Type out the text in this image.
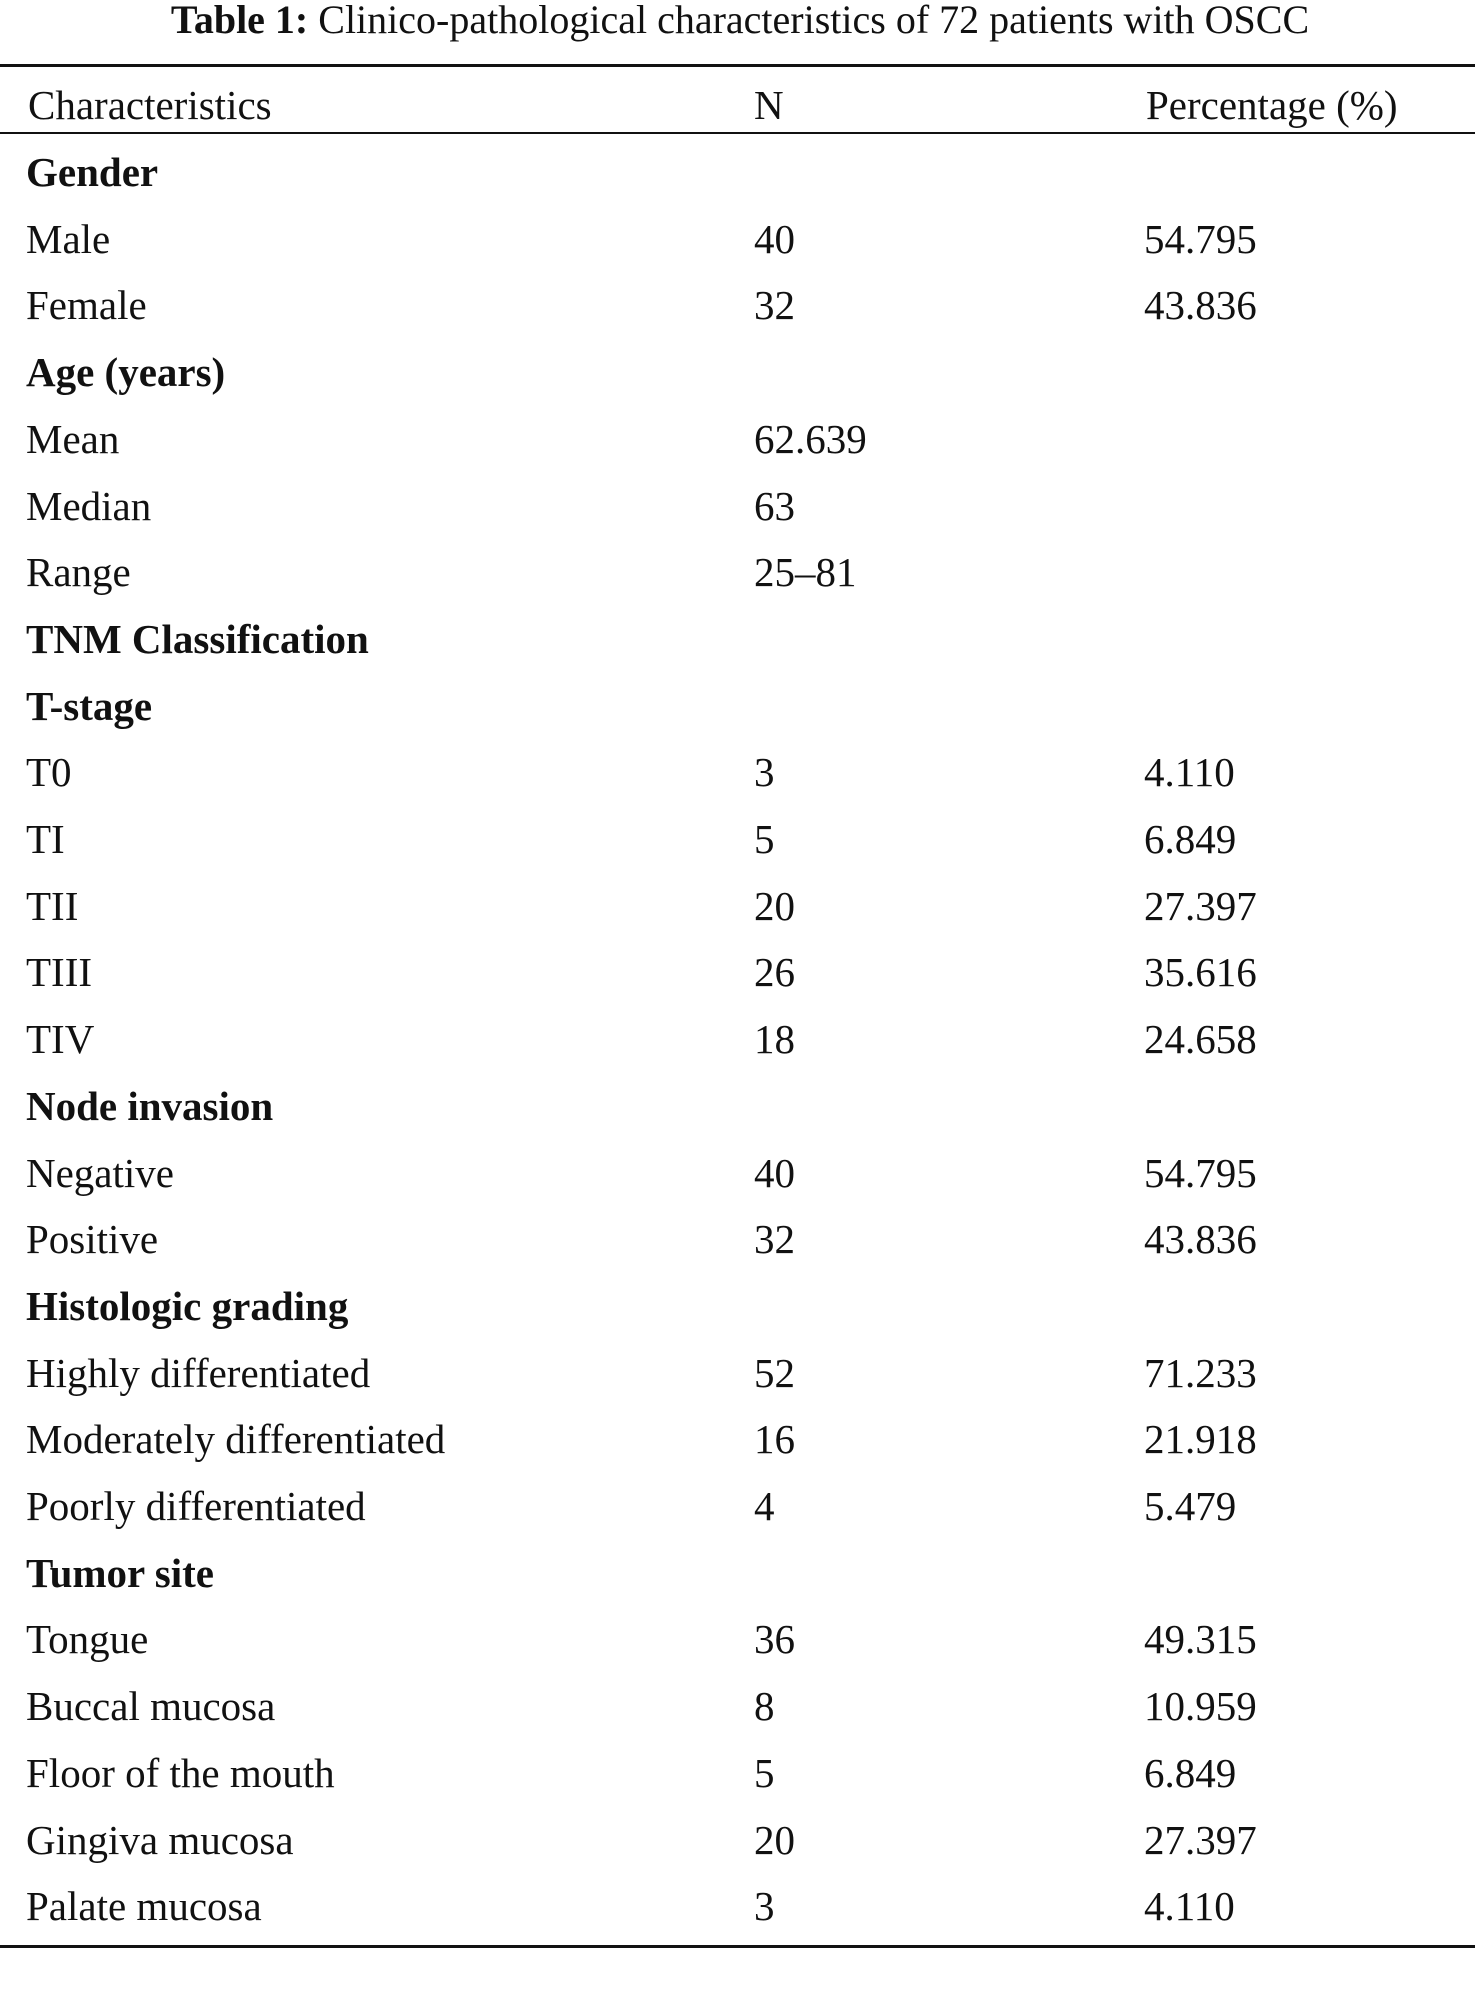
Table 1: Clinico-pathological characteristics of 72 patients with OSCC
Characteristics	N	Percentage (%)
Gender
Male	40	54.795
Female	32	43.836
Age (years)
Mean	62.639
Median	63
Range	25–81
TNM Classification
T-stage
T0	3	4.110
TI	5	6.849
TII	20	27.397
TIII	26	35.616
TIV	18	24.658
Node invasion
Negative	40	54.795
Positive	32	43.836
Histologic grading
Highly differentiated	52	71.233
Moderately differentiated	16	21.918
Poorly differentiated	4	5.479
Tumor site
Tongue	36	49.315
Buccal mucosa	8	10.959
Floor of the mouth	5	6.849
Gingiva mucosa	20	27.397
Palate mucosa	3	4.110
